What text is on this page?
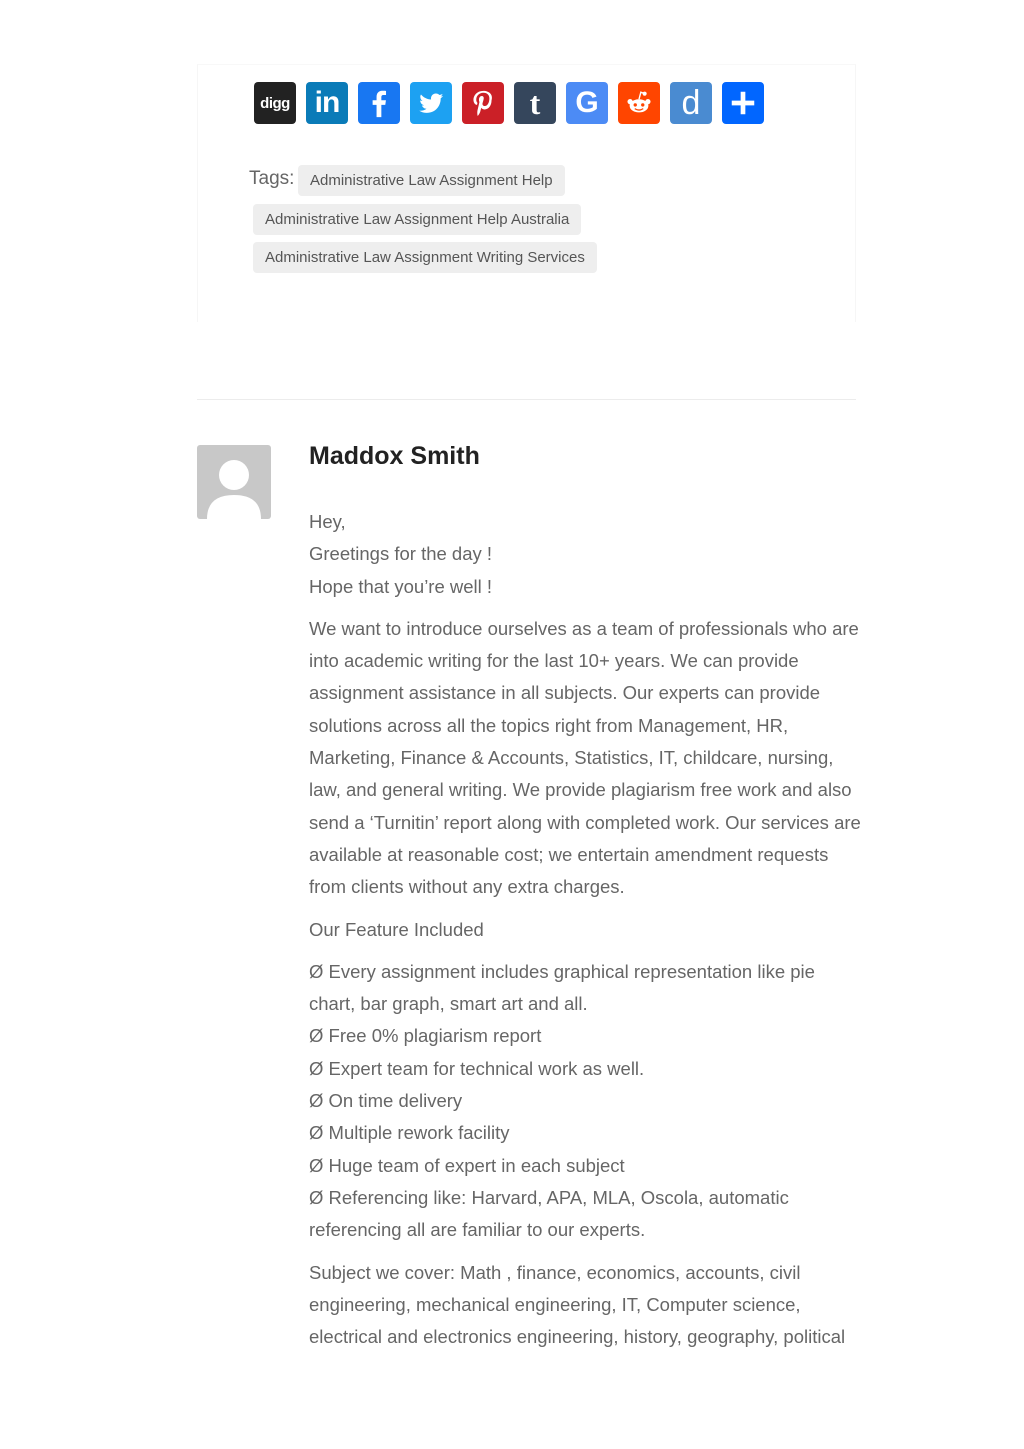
digg in	t G d
Tags:	Administrative Law Assignment Help
Administrative Law Assignment Help Australia
Administrative Law Assignment Writing Services
Maddox Smith
Hey,
Greetings for the day !
Hope that you’re well !
We want to introduce ourselves as a team of professionals who are
into academic writing for the last 10+ years. We can provide
assignment assistance in all subjects. Our experts can provide
solutions across all the topics right from Management, HR,
Marketing, Finance & Accounts, Statistics, IT, childcare, nursing,
law, and general writing. We provide plagiarism free work and also
send a ‘Turnitin’ report along with completed work. Our services are
available at reasonable cost; we entertain amendment requests
from clients without any extra charges.
Our Feature Included
Ø Every assignment includes graphical representation like pie
chart, bar graph, smart art and all.
Ø Free 0% plagiarism report
Ø Expert team for technical work as well.
Ø On time delivery
Ø Multiple rework facility
Ø Huge team of expert in each subject
Ø Referencing like: Harvard, APA, MLA, Oscola, automatic
referencing all are familiar to our experts.
Subject we cover: Math , finance, economics, accounts, civil
engineering, mechanical engineering, IT, Computer science,
electrical and electronics engineering, history, geography, political
